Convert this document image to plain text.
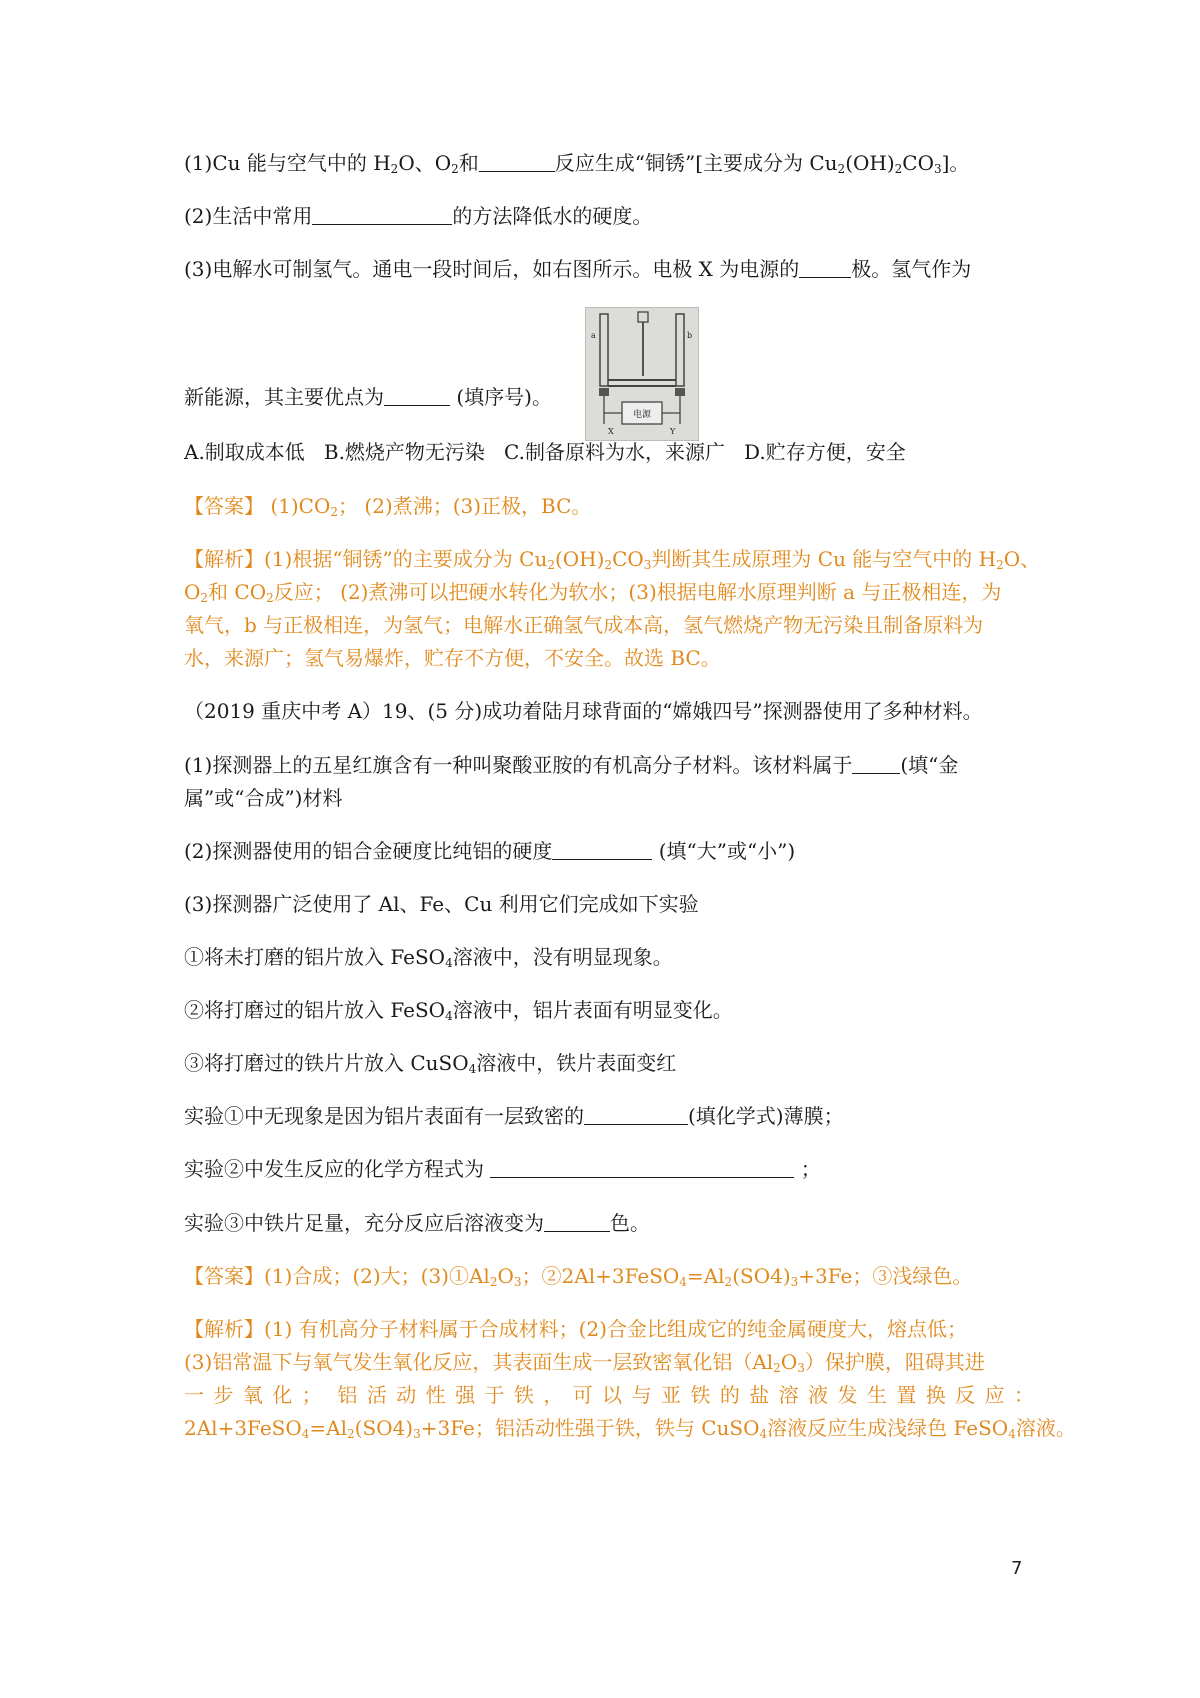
(1)Cu 能与空气中的 $H_2O$、$O_2$和	反应生成“铜锈”[主要成分为 $Cu_2(OH)_2CO_3$]。
(2)生活中常用	的方法降低水的硬度。
(3)电解水可制氢气。通电一段时间后，如右图所示。电极 X 为电源的	极。氢气作为
电源
a	b
X	Y
新能源，其主要优点为	(填序号)。
A.制取成本低   B.燃烧产物无污染   C.制备原料为水，来源广   D.贮存方便，安全
【答案】 $(1)CO_2$； (2)煮沸；(3)正极，BC。
【解析】(1)根据“铜锈”的主要成分为 $Cu_2(OH)_2CO_3$判断其生成原理为 Cu 能与空气中的 $H_2O$、
$O_2$和 $CO_2$反应； (2)煮沸可以把硬水转化为软水；(3)根据电解水原理判断 a 与正极相连，为
氧气，b 与正极相连，为氢气；电解水正确氢气成本高，氢气燃烧产物无污染且制备原料为
水，来源广；氢气易爆炸，贮存不方便，不安全。故选 BC。
（2019 重庆中考 A）19、(5 分)成功着陆月球背面的“嫦娥四号”探测器使用了多种材料。
(1)探测器上的五星红旗含有一种叫聚酸亚胺的有机高分子材料。该材料属于 (填“金
属”或“合成”)材料
(2)探测器使用的铝合金硬度比纯铝的硬度	(填“大”或“小”)
(3)探测器广泛使用了 Al、Fe、Cu 利用它们完成如下实验
①将未打磨的铝片放入 FeSO$_4$溶液中，没有明显现象。
②将打磨过的铝片放入 FeSO$_4$溶液中，铝片表面有明显变化。
③将打磨过的铁片片放入 CuSO$_4$溶液中，铁片表面变红
实验①中无现象是因为铝片表面有一层致密的	(填化学式)薄膜；
实验②中发生反应的化学方程式为	；
实验③中铁片足量，充分反应后溶液变为	色。
【答案】(1)合成；(2)大；$(3)①Al_2O_3$；$②2Al+3FeSO_4=Al_2(SO4)_3+3Fe$；③浅绿色。
【解析】(1) 有机高分子材料属于合成材料；(2)合金比组成它的纯金属硬度大，熔点低；
(3)铝常温下与氧气发生氧化反应，其表面生成一层致密氧化铝$(Al_2O_3)$保护膜，阻碍其进
一步氧化； 铝活动性强于铁，可以与亚铁的盐溶液发生置换反应：
$2Al+3FeSO_4=Al_2(SO4)_3+3Fe$；铝活动性强于铁，铁与 CuSO$_4$溶液反应生成浅绿色 FeSO$_4$溶液。
7
